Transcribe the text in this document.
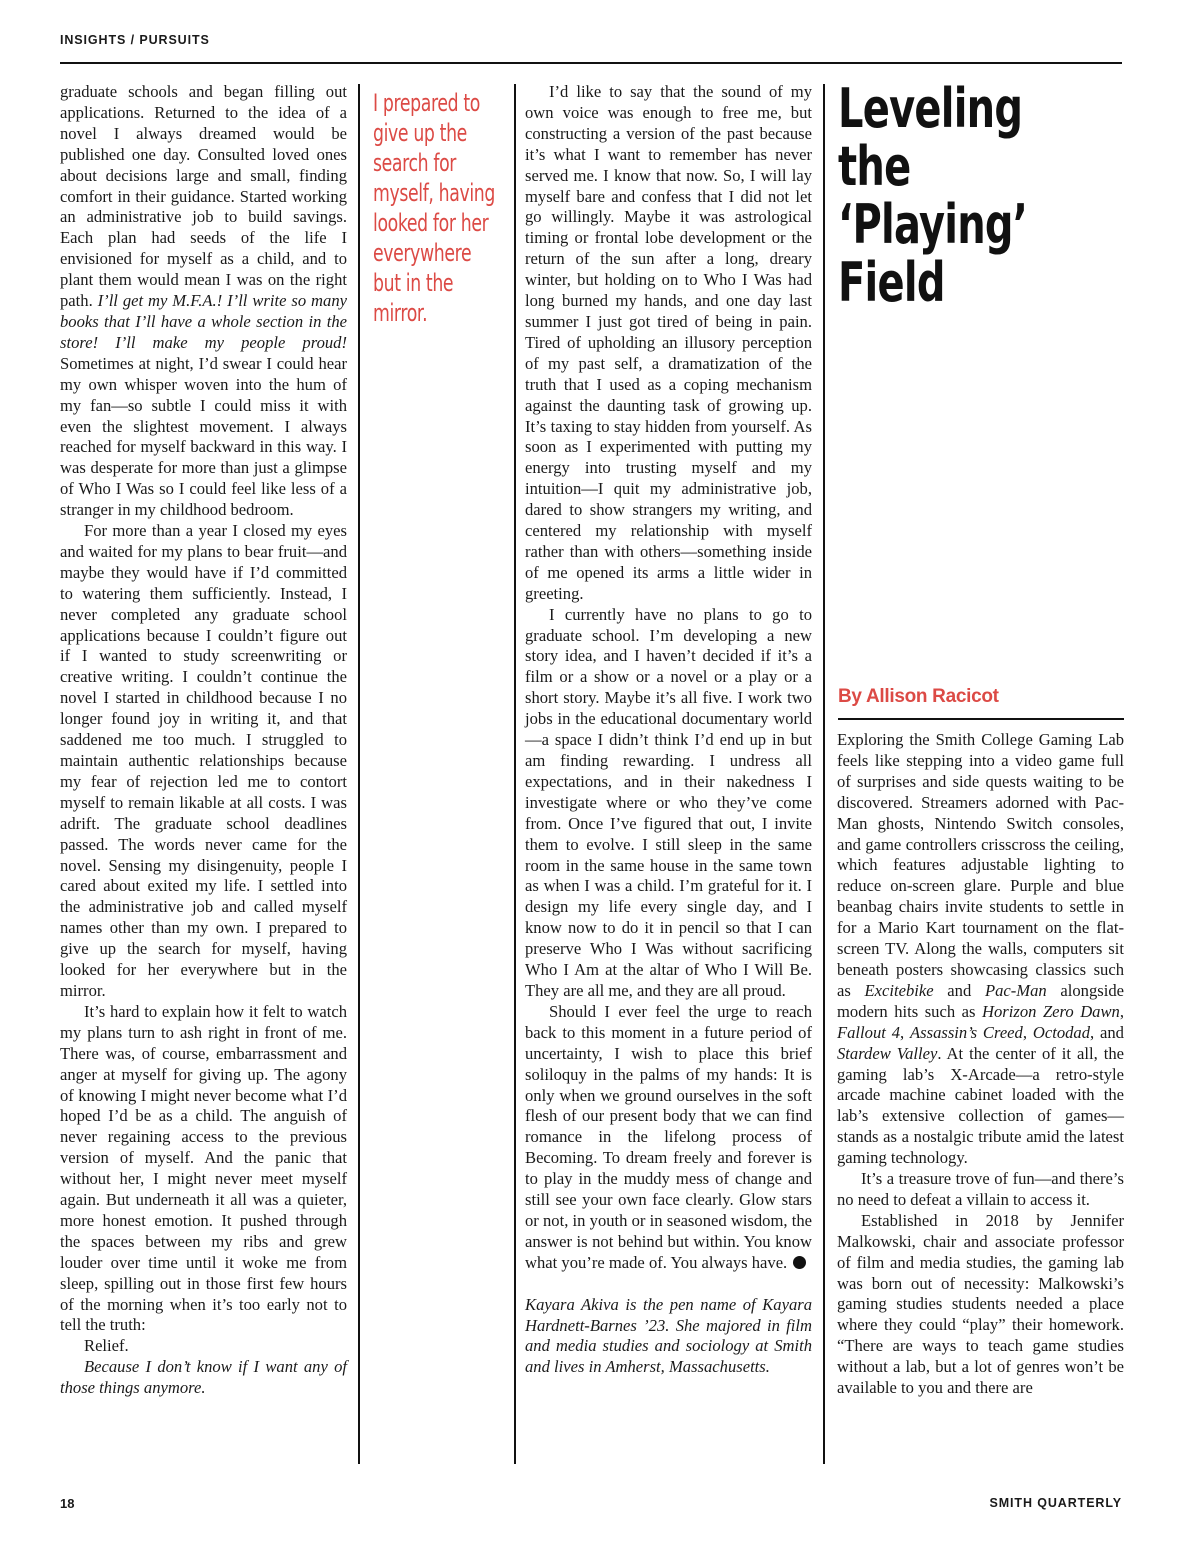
INSIGHTS / PURSUITS

graduate schools and began filling out applications. Returned to the idea of a novel I always dreamed would be published one day. Consulted loved ones about decisions large and small, finding comfort in their guidance. Started working an administrative job to build savings. Each plan had seeds of the life I envisioned for myself as a child, and to plant them would mean I was on the right path. I’ll get my M.F.A.! I’ll write so many books that I’ll have a whole section in the store! I’ll make my people proud! Sometimes at night, I’d swear I could hear my own whisper woven into the hum of my fan—so subtle I could miss it with even the slightest movement. I always reached for myself backward in this way. I was desperate for more than just a glimpse of Who I Was so I could feel like less of a stranger in my childhood bedroom.

For more than a year I closed my eyes and waited for my plans to bear fruit—and maybe they would have if I’d committed to watering them sufficiently. Instead, I never completed any graduate school applications because I couldn’t figure out if I wanted to study screenwriting or creative writing. I couldn’t continue the novel I started in childhood because I no longer found joy in writing it, and that saddened me too much. I struggled to maintain authentic relationships because my fear of rejection led me to contort myself to remain likable at all costs. I was adrift. The graduate school deadlines passed. The words never came for the novel. Sensing my disingenuity, people I cared about exited my life. I settled into the administrative job and called myself names other than my own. I prepared to give up the search for myself, having looked for her everywhere but in the mirror.

It’s hard to explain how it felt to watch my plans turn to ash right in front of me. There was, of course, embarrassment and anger at myself for giving up. The agony of knowing I might never become what I’d hoped I’d be as a child. The anguish of never regaining access to the previous version of myself. And the panic that without her, I might never meet myself again. But underneath it all was a quieter, more honest emotion. It pushed through the spaces between my ribs and grew louder over time until it woke me from sleep, spilling out in those first few hours of the morning when it’s too early not to tell the truth:

Relief.

Because I don’t know if I want any of those things anymore.

I prepared to give up the search for myself, having looked for her everywhere but in the mirror.

I’d like to say that the sound of my own voice was enough to free me, but constructing a version of the past because it’s what I want to remember has never served me. I know that now. So, I will lay myself bare and confess that I did not let go willingly. Maybe it was astrological timing or frontal lobe development or the return of the sun after a long, dreary winter, but holding on to Who I Was had long burned my hands, and one day last summer I just got tired of being in pain. Tired of upholding an illusory perception of my past self, a dramatization of the truth that I used as a coping mechanism against the daunting task of growing up. It’s taxing to stay hidden from yourself. As soon as I experimented with putting my energy into trusting myself and my intuition—I quit my administrative job, dared to show strangers my writing, and centered my relationship with myself rather than with others—something inside of me opened its arms a little wider in greeting.

I currently have no plans to go to graduate school. I’m developing a new story idea, and I haven’t decided if it’s a film or a show or a novel or a play or a short story. Maybe it’s all five. I work two jobs in the educational documentary world—a space I didn’t think I’d end up in but am finding rewarding. I undress all expectations, and in their nakedness I investigate where or who they’ve come from. Once I’ve figured that out, I invite them to evolve. I still sleep in the same room in the same house in the same town as when I was a child. I’m grateful for it. I design my life every single day, and I know now to do it in pencil so that I can preserve Who I Was without sacrificing Who I Am at the altar of Who I Will Be. They are all me, and they are all proud.

Should I ever feel the urge to reach back to this moment in a future period of uncertainty, I wish to place this brief soliloquy in the palms of my hands: It is only when we ground ourselves in the soft flesh of our present body that we can find romance in the lifelong process of Becoming. To dream freely and forever is to play in the muddy mess of change and still see your own face clearly. Glow stars or not, in youth or in seasoned wisdom, the answer is not behind but within. You know what you’re made of. You always have.

Kayara Akiva is the pen name of Kayara Hardnett-Barnes ’23. She majored in film and media studies and sociology at Smith and lives in Amherst, Massachusetts.

Leveling the
‘Playing’ Field
By Allison Racicot

Exploring the Smith College Gaming Lab feels like stepping into a video game full of surprises and side quests waiting to be discovered. Streamers adorned with Pac-Man ghosts, Nintendo Switch consoles, and game controllers crisscross the ceiling, which features adjustable lighting to reduce on-screen glare. Purple and blue beanbag chairs invite students to settle in for a Mario Kart tournament on the flat-screen TV. Along the walls, computers sit beneath posters showcasing classics such as Excitebike and Pac-Man alongside modern hits such as Horizon Zero Dawn, Fallout 4, Assassin’s Creed, Octodad, and Stardew Valley. At the center of it all, the gaming lab’s X-Arcade—a retro-style arcade machine cabinet loaded with the lab’s extensive collection of games—stands as a nostalgic tribute amid the latest gaming technology.

It’s a treasure trove of fun—and there’s no need to defeat a villain to access it.

Established in 2018 by Jennifer Malkowski, chair and associate professor of film and media studies, the gaming lab was born out of necessity: Malkowski’s gaming studies students needed a place where they could “play” their homework. “There are ways to teach game studies without a lab, but a lot of genres won’t be available to you and there are

18	SMITH QUARTERLY
